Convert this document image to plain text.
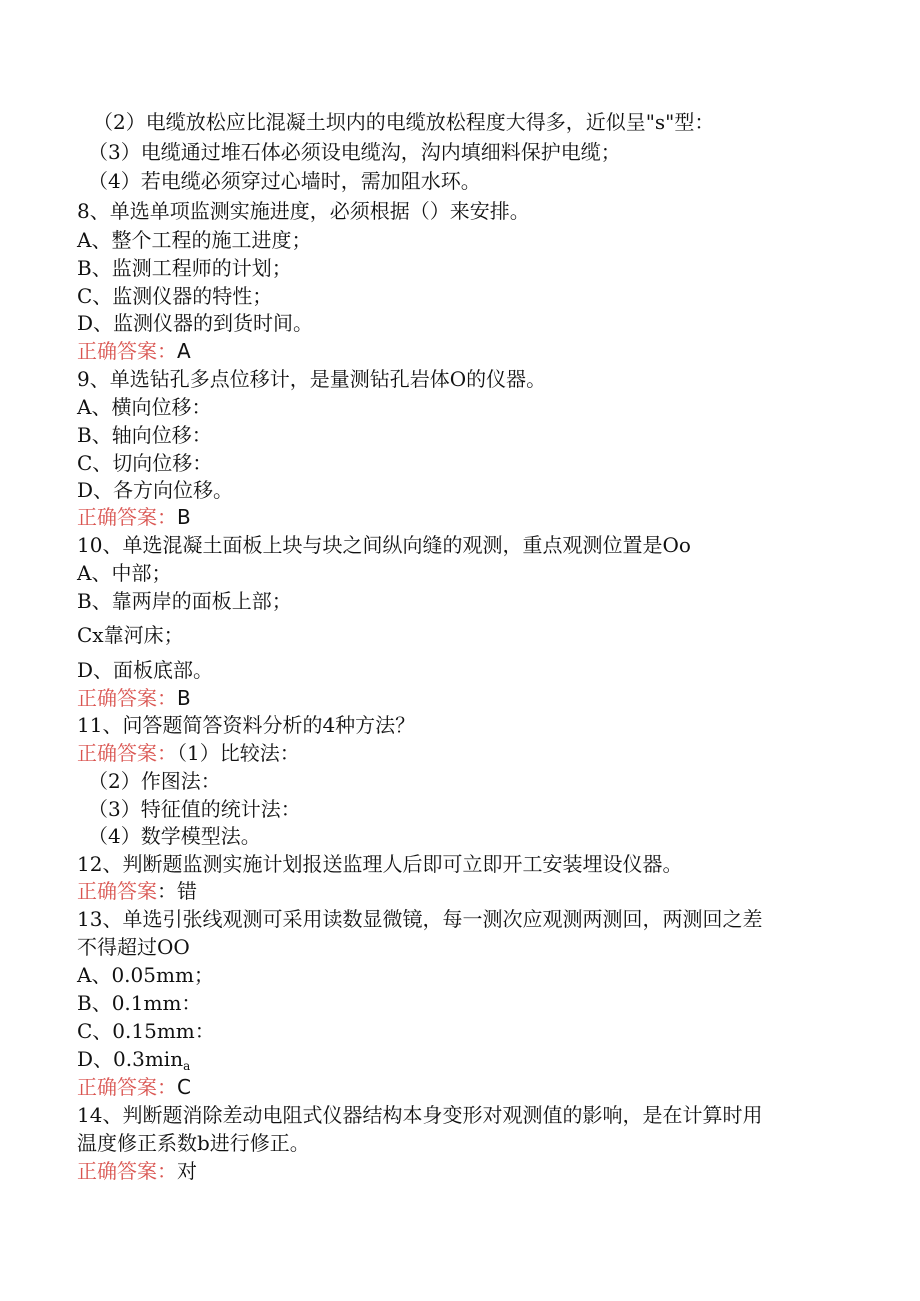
（2）电缆放松应比混凝土坝内的电缆放松程度大得多，近似呈"s"型：
（3）电缆通过堆石体必须设电缆沟，沟内填细料保护电缆；
（4）若电缆必须穿过心墙时，需加阻水环。
8、单选单项监测实施进度，必须根据（）来安排。
A、整个工程的施工进度；
B、监测工程师的计划；
C、监测仪器的特性；
D、监测仪器的到货时间。
正确答案：A
9、单选钻孔多点位移计，是量测钻孔岩体O的仪器。
A、横向位移：
B、轴向位移：
C、切向位移：
D、各方向位移。
正确答案：B
10、单选混凝土面板上块与块之间纵向缝的观测，重点观测位置是Oo
A、中部；
B、靠两岸的面板上部；
Cx靠河床；
D、面板底部。
正确答案：B
11、问答题简答资料分析的4种方法？
正确答案：（1）比较法：
（2）作图法：
（3）特征值的统计法：
（4）数学模型法。
12、判断题监测实施计划报送监理人后即可立即开工安装埋设仪器。
正确答案：错
13、单选引张线观测可采用读数显微镜，每一测次应观测两测回，两测回之差
不得超过OO
A、0.05mm；
B、0.1mm：
C、0.15mm：
D、$0.3\min_a$
正确答案：C
14、判断题消除差动电阻式仪器结构本身变形对观测值的影响，是在计算时用
温度修正系数b进行修正。
正确答案：对
